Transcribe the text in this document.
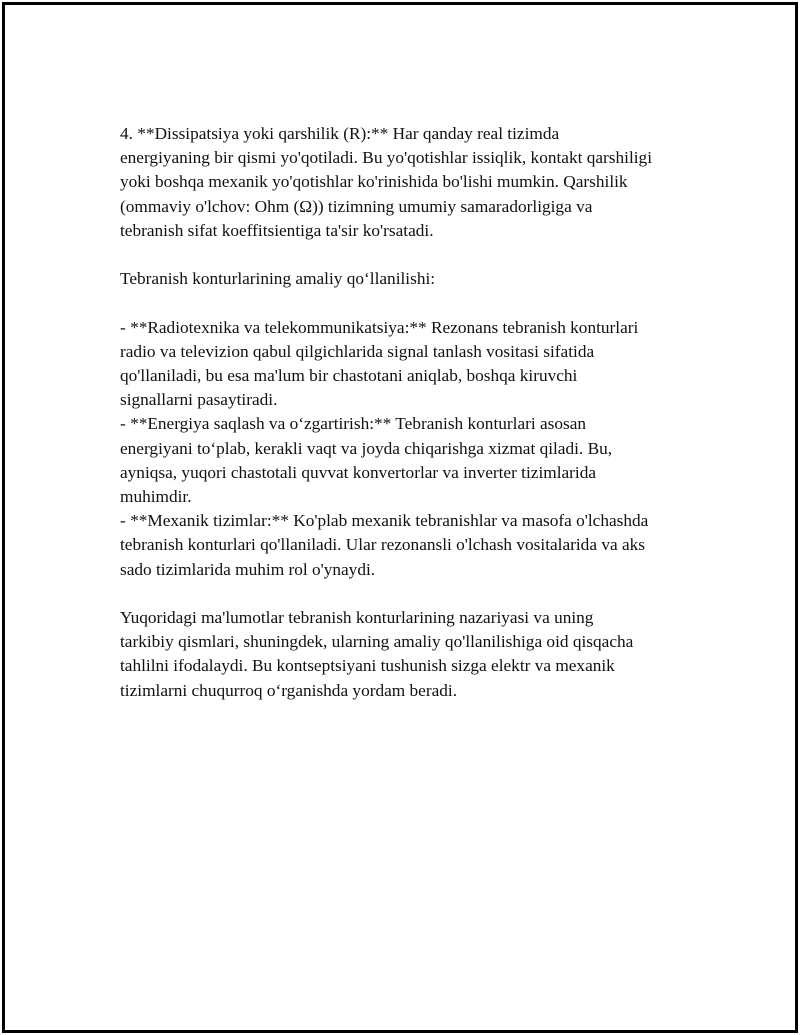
4. **Dissipatsiya yoki qarshilik (R):** Har qanday real tizimda
energiyaning bir qismi yo'qotiladi. Bu yo'qotishlar issiqlik, kontakt qarshiligi
yoki boshqa mexanik yo'qotishlar ko'rinishida bo'lishi mumkin. Qarshilik
(ommaviy o'lchov: Ohm (Ω)) tizimning umumiy samaradorligiga va
tebranish sifat koeffitsientiga ta'sir ko'rsatadi.

Tebranish konturlarining amaliy qoʻllanilishi:

- **Radiotexnika va telekommunikatsiya:** Rezonans tebranish konturlari
radio va televizion qabul qilgichlarida signal tanlash vositasi sifatida
qo'llaniladi, bu esa ma'lum bir chastotani aniqlab, boshqa kiruvchi
signallarni pasaytiradi.
- **Energiya saqlash va oʻzgartirish:** Tebranish konturlari asosan
energiyani toʻplab, kerakli vaqt va joyda chiqarishga xizmat qiladi. Bu,
ayniqsa, yuqori chastotali quvvat konvertorlar va inverter tizimlarida
muhimdir.
- **Mexanik tizimlar:** Ko'plab mexanik tebranishlar va masofa o'lchashda
tebranish konturlari qo'llaniladi. Ular rezonansli o'lchash vositalarida va aks
sado tizimlarida muhim rol o'ynaydi.

Yuqoridagi ma'lumotlar tebranish konturlarining nazariyasi va uning
tarkibiy qismlari, shuningdek, ularning amaliy qo'llanilishiga oid qisqacha
tahlilni ifodalaydi. Bu kontseptsiyani tushunish sizga elektr va mexanik
tizimlarni chuqurroq oʻrganishda yordam beradi.
